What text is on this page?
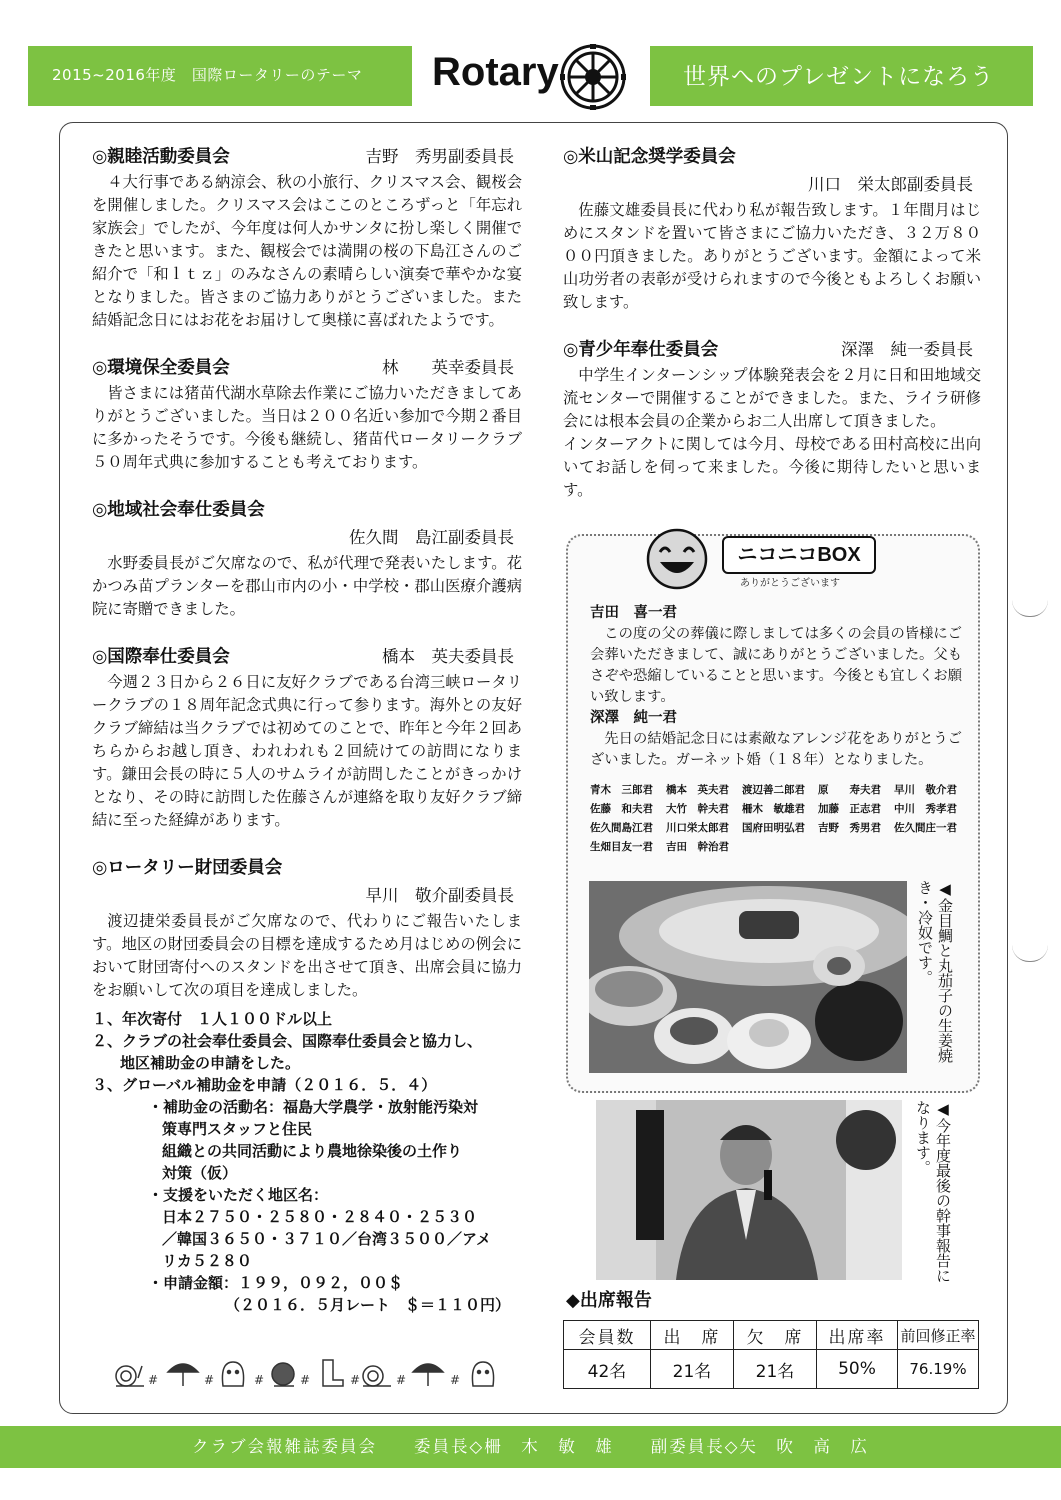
2015~2016年度　国際ロータリーのテーマ Rotary	世界へのプレゼントになろう
◎親睦活動委員会	吉野　秀男副委員長

４大行事である納涼会、秋の小旅行、クリスマス会、観桜会を開催しました。クリスマス会はここのところずっと「年忘れ家族会」でしたが、今年度は何人かサンタに扮し楽しく開催できたと思います。また、観桜会では満開の桜の下島江さんのご紹介で「和ｌｔｚ」のみなさんの素晴らしい演奏で華やかな宴となりました。皆さまのご協力ありがとうございました。また結婚記念日にはお花をお届けして奥様に喜ばれたようです。

◎環境保全委員会	林　　英幸委員長

皆さまには猪苗代湖水草除去作業にご協力いただきましてありがとうございました。当日は２００名近い参加で今期２番目に多かったそうです。今後も継続し、猪苗代ロータリークラブ５０周年式典に参加することも考えております。

◎地域社会奉仕委員会
佐久間　島江副委員長

水野委員長がご欠席なので、私が代理で発表いたします。花かつみ苗プランターを郡山市内の小・中学校・郡山医療介護病院に寄贈できました。

◎国際奉仕委員会	橋本　英夫委員長

今週２３日から２６日に友好クラブである台湾三峡ロータリークラブの１８周年記念式典に行って参ります。海外との友好クラブ締結は当クラブでは初めてのことで、昨年と今年２回あちらからお越し頂き、われわれも２回続けての訪問になります。鎌田会長の時に５人のサムライが訪問したことがきっかけとなり、その時に訪問した佐藤さんが連絡を取り友好クラブ締結に至った経緯があります。

◎ロータリー財団委員会
早川　敬介副委員長

渡辺捷栄委員長がご欠席なので、代わりにご報告いたします。地区の財団委員会の目標を達成するため月はじめの例会において財団寄付へのスタンドを出させて頂き、出席会員に協力をお願いして次の項目を達成しました。

１、年次寄付　１人１００ドル以上

２、クラブの社会奉仕委員会、国際奉仕委員会と協力し、

地区補助金の申請をした。

３、グローバル補助金を申請（２０１６．５．４）

・補助金の活動名：福島大学農学・放射能汚染対

策専門スタッフと住民

組織との共同活動により農地徐染後の土作り

対策（仮）

・支援をいただく地区名：

日本２７５０・２５８０・２８４０・２５３０

／韓国３６５０・３７１０／台湾３５００／アメ

リカ５２８０

・申請金額：１９９，０９２，００＄

（２０１６．５月レート　＄＝１１０円）

#	#	#	#	#	#	#
◎米山記念奨学委員会
川口　栄太郎副委員長

佐藤文雄委員長に代わり私が報告致します。１年間月はじめにスタンドを置いて皆さまにご協力いただき、３２万８０００円頂きました。ありがとうございます。金額によって米山功労者の表彰が受けられますので今後ともよろしくお願い致します。

◎青少年奉仕委員会	深澤　純一委員長

中学生インターンシップ体験発表会を２月に日和田地域交流センターで開催することができました。また、ライラ研修会には根本会員の企業からお二人出席して頂きました。

インターアクトに関しては今月、母校である田村高校に出向いてお話しを伺って来ました。今後に期待したいと思います。

ニコニコBOX
ありがとうございます

吉田　喜一君

この度の父の葬儀に際しましては多くの会員の皆様にご会葬いただきまして、誠にありがとうございました。父もさぞや恐縮していることと思います。今後とも宜しくお願い致します。

深澤　純一君

先日の結婚記念日には素敵なアレンジ花をありがとうございました。ガーネット婚（１８年）となりました。

青木　三郎君	橋本　英夫君	渡辺善二郎君	原　　寿夫君	早川　敬介君
佐藤　和夫君	大竹　幹夫君	柵木　敏雄君	加藤　正志君	中川　秀孝君
佐久間島江君	川口栄太郎君	国府田明弘君	吉野　秀男君	佐久間庄一君
生畑目友一君	吉田　幹治君
◀金目鯛と丸茄子の生姜焼き・冷奴です。
◀今年度最後の幹事報告になります。
◆出席報告
会員数	出　席	欠　席	出席率	前回修正率
42名	21名	21名	50%	76.19%
クラブ会報雑誌委員会　　委員長◇柵　木　敏　雄　　副委員長◇矢　吹　高　広
